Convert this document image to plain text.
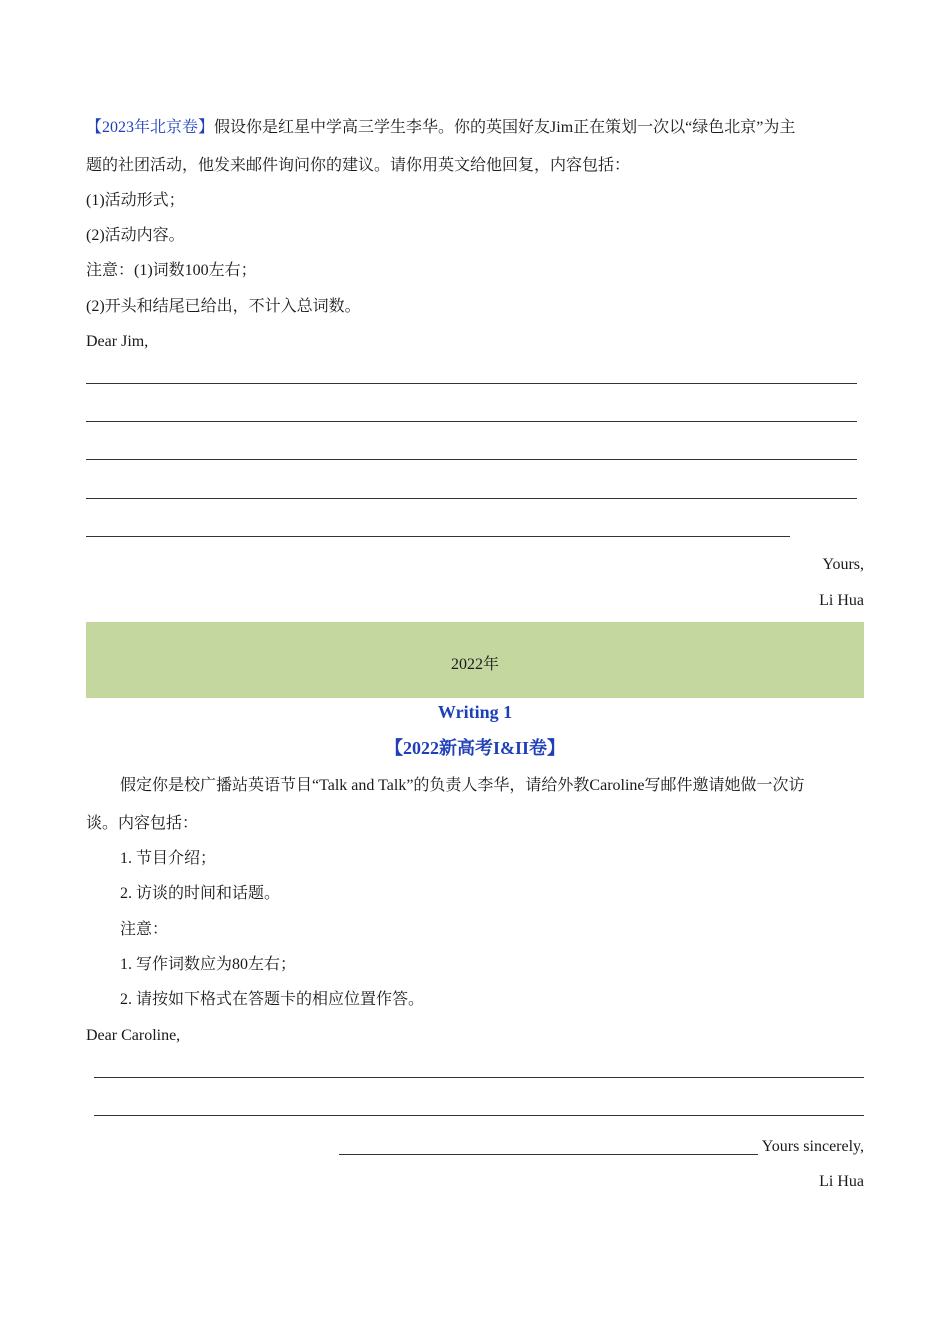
【2023年北京卷】假设你是红星中学高三学生李华。你的英国好友Jim正在策划一次以“绿色北京”为主
题的社团活动，他发来邮件询问你的建议。请你用英文给他回复，内容包括：
(1)活动形式；
(2)活动内容。
注意：(1)词数100左右；
(2)开头和结尾已给出，不计入总词数。
Dear Jim,
Yours,
Li Hua
2022年
Writing 1
【2022新高考I&II卷】
假定你是校广播站英语节目“Talk and Talk”的负责人李华，请给外教Caroline写邮件邀请她做一次访
谈。内容包括：
1. 节目介绍；
2. 访谈的时间和话题。
注意：
1. 写作词数应为80左右；
2. 请按如下格式在答题卡的相应位置作答。
Dear Caroline,
Yours sincerely,
Li Hua
